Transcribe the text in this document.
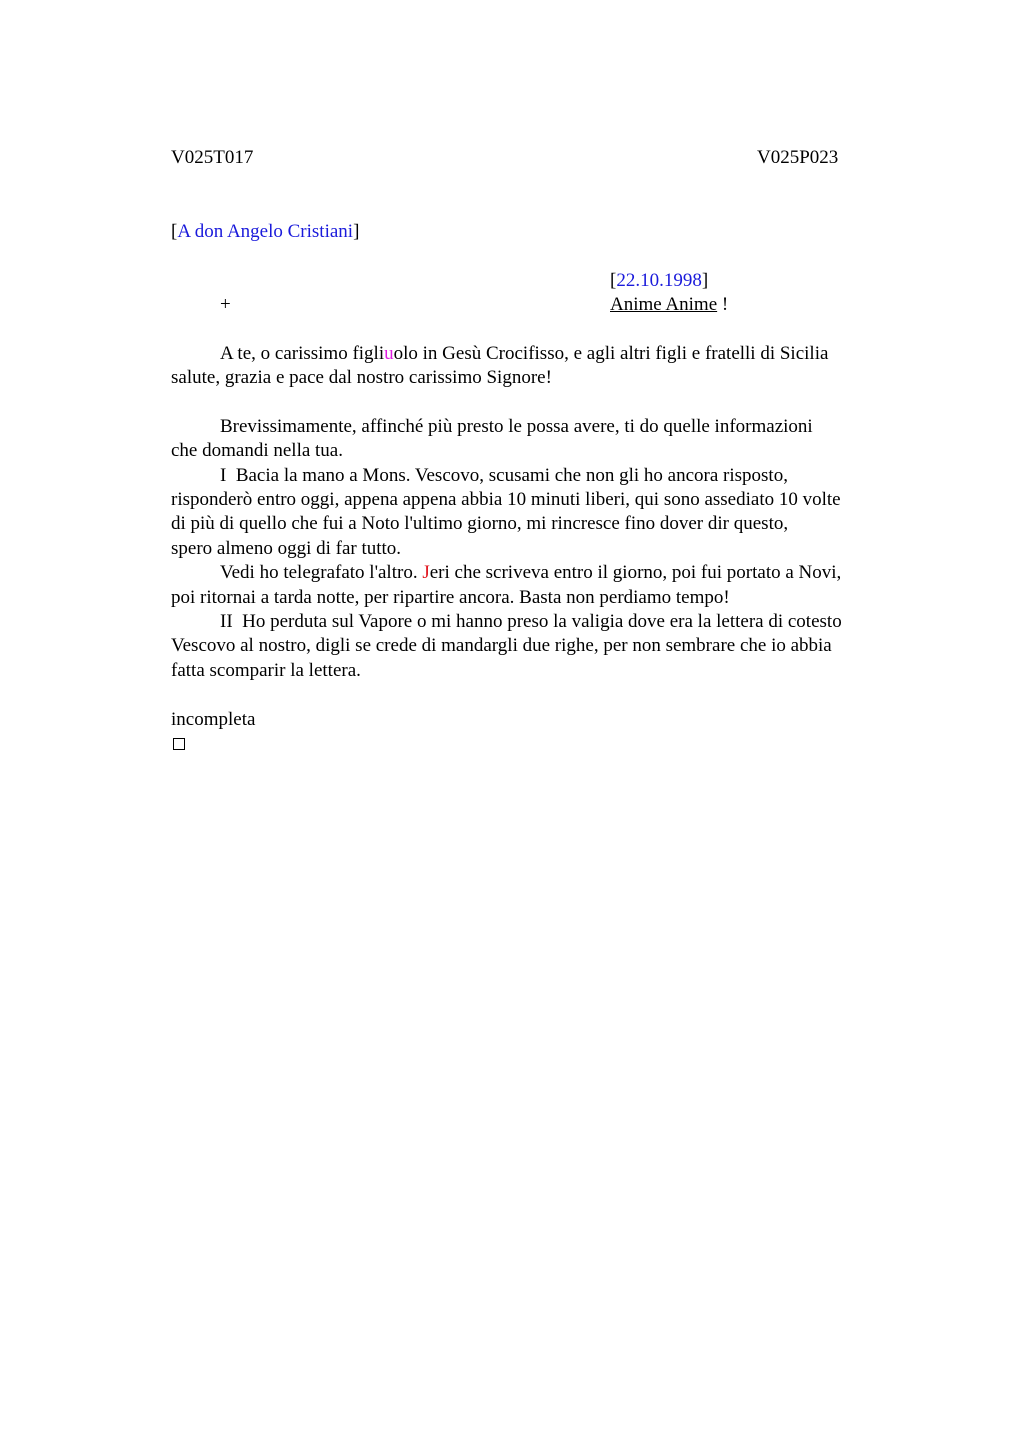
V025T017	V025P023
[A don Angelo Cristiani]
[22.10.1998]
+	Anime Anime !
A te, o carissimo figliuolo in Gesù Crocifisso, e agli altri figli e fratelli di Sicilia
salute, grazia e pace dal nostro carissimo Signore!
Brevissimamente, affinché più presto le possa avere, ti do quelle informazioni
che domandi nella tua.
I  Bacia la mano a Mons. Vescovo, scusami che non gli ho ancora risposto,
risponderò entro oggi, appena appena abbia 10 minuti liberi, qui sono assediato 10 volte
di più di quello che fui a Noto l'ultimo giorno, mi rincresce fino dover dir questo,
spero almeno oggi di far tutto.
Vedi ho telegrafato l'altro. Jeri che scriveva entro il giorno, poi fui portato a Novi,
poi ritornai a tarda notte, per ripartire ancora. Basta non perdiamo tempo!
II  Ho perduta sul Vapore o mi hanno preso la valigia dove era la lettera di cotesto
Vescovo al nostro, digli se crede di mandargli due righe, per non sembrare che io abbia
fatta scomparir la lettera.
incompleta
